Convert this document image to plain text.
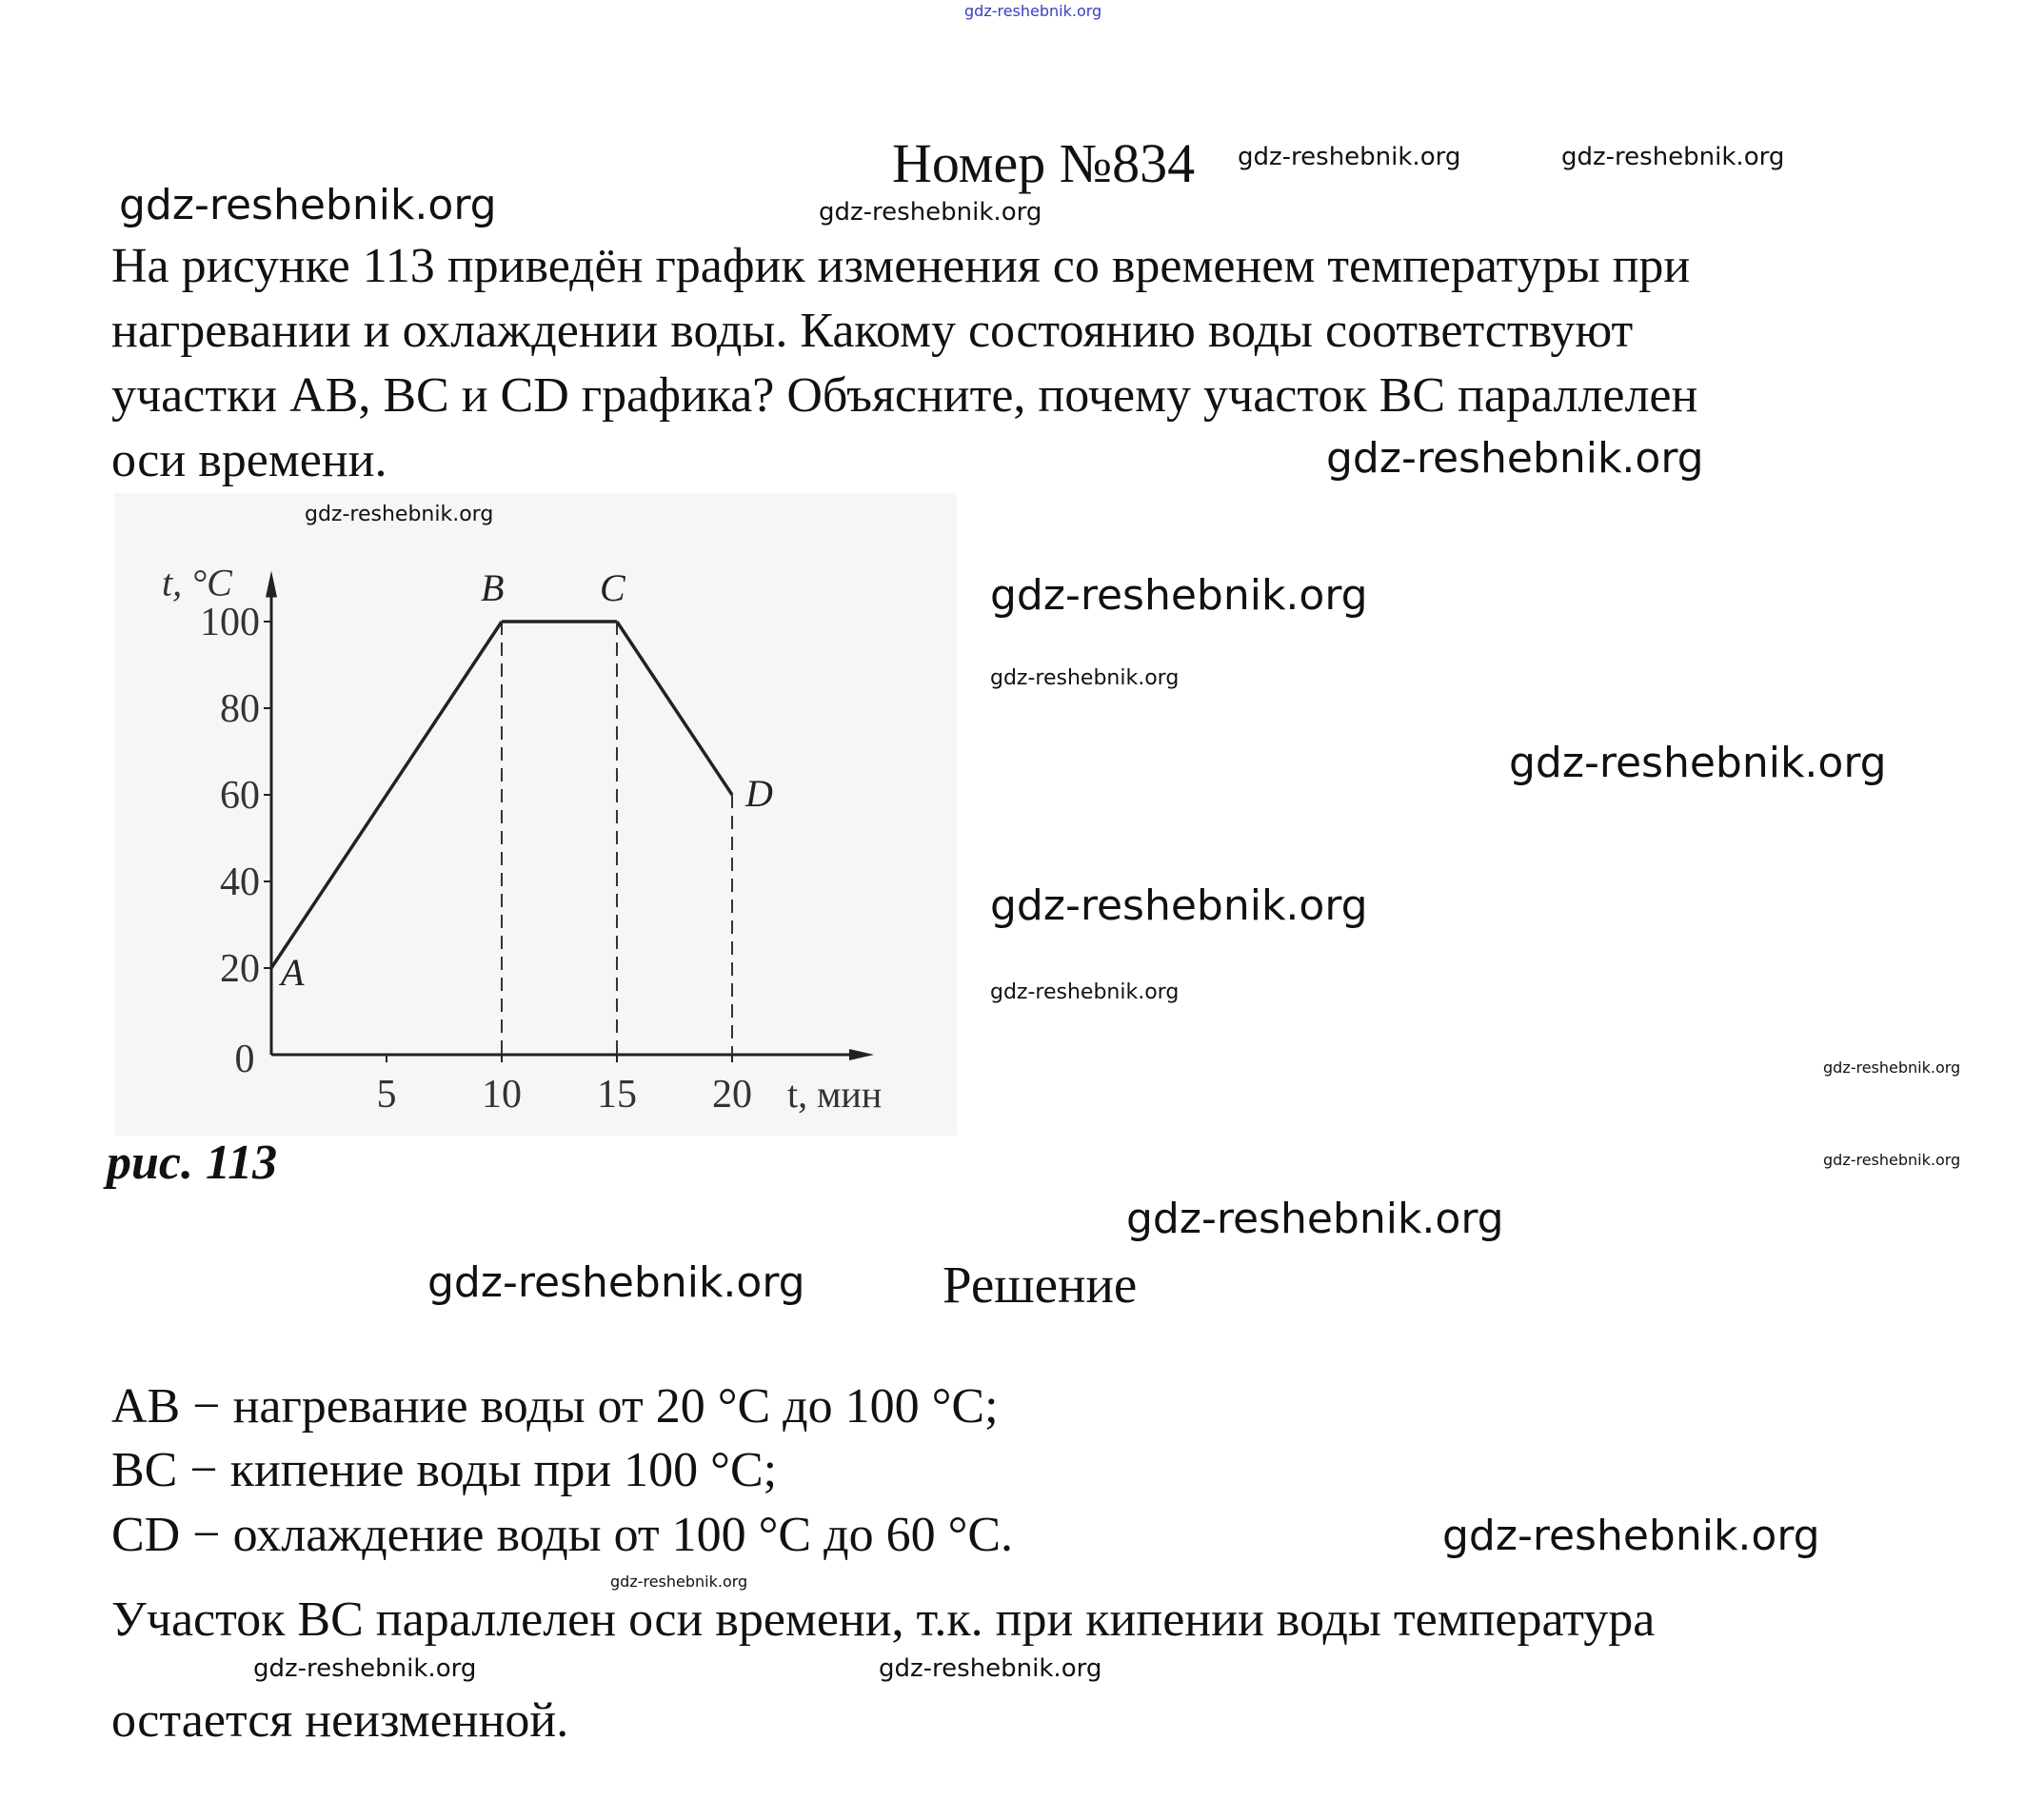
gdz-reshebnik.org
Номер №834 gdz-reshebnik.org	gdz-reshebnik.org
gdz-reshebnik.org	gdz-reshebnik.org
На рисунке 113 приведён график изменения со временем температуры при
нагревании и охлаждении воды. Какому состоянию воды соответствуют
участки АВ, ВС и CD графика? Объясните, почему участок ВС параллелен
оси времени.	gdz-reshebnik.org
20
40
60
80
100
5 10 15 20
0
A
B	C
D
t, °C
t, мин
gdz-reshebnik.org
gdz-reshebnik.org
gdz-reshebnik.org
gdz-reshebnik.org
gdz-reshebnik.org
gdz-reshebnik.org
gdz-reshebnik.org
gdz-reshebnik.org
рис. 113
gdz-reshebnik.org
gdz-reshebnik.org	Решение
АВ − нагревание воды от 20 °С до 100 °С;
ВС − кипение воды при 100 °С;
CD − охлаждение воды от 100 °С до 60 °С.	gdz-reshebnik.org
gdz-reshebnik.org
Участок ВС параллелен оси времени, т.к. при кипении воды температура
gdz-reshebnik.org	gdz-reshebnik.org
остается неизменной.
